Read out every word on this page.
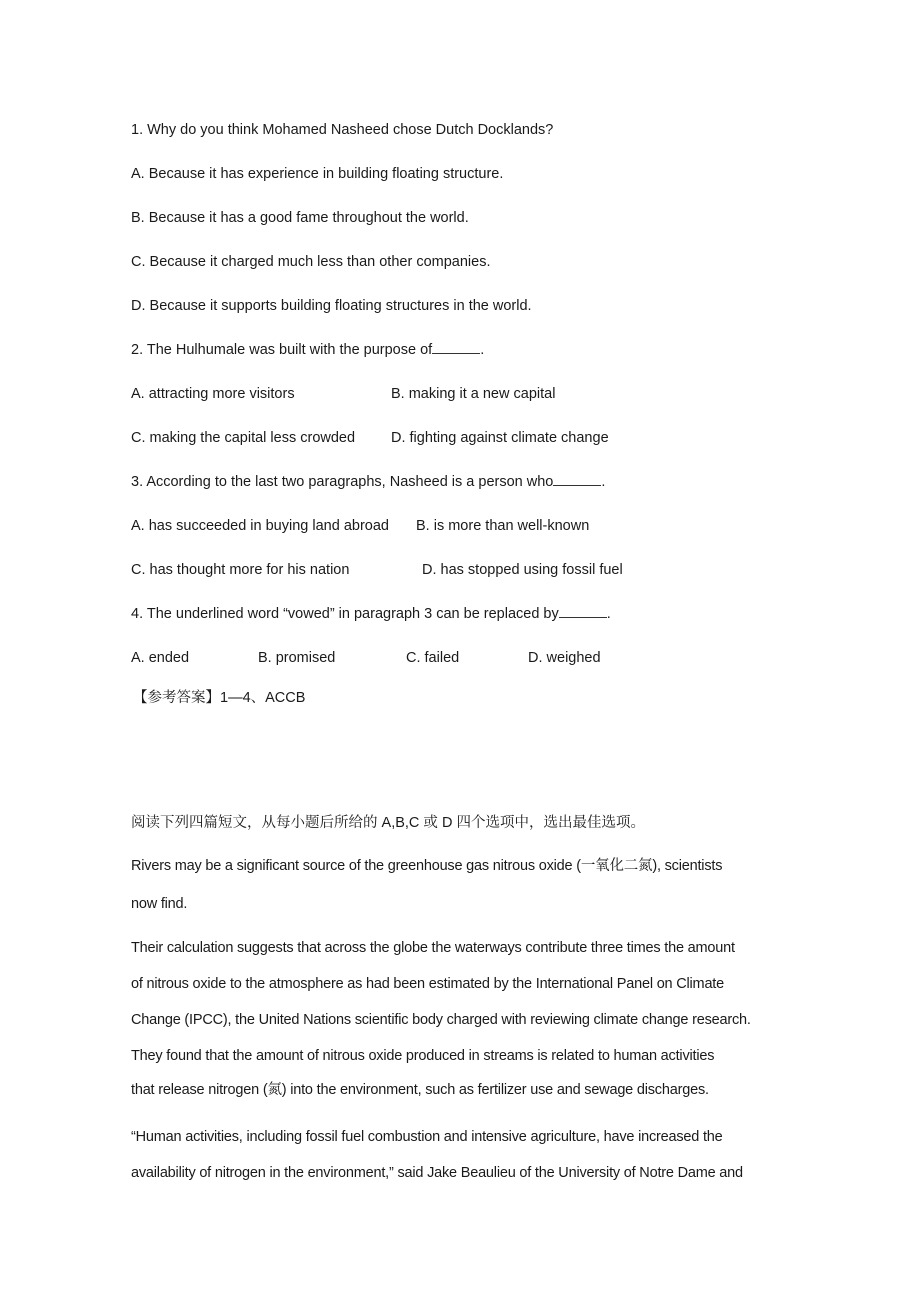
1. Why do you think Mohamed Nasheed chose Dutch Docklands?
A. Because it has experience in building floating structure.
B. Because it has a good fame throughout the world.
C. Because it charged much less than other companies.
D. Because it supports building floating structures in the world.
2. The Hulhumale was built with the purpose of	.
A. attracting more visitors	B. making it a new capital
C. making the capital less crowded D. fighting against climate change
3. According to the last two paragraphs, Nasheed is a person who	.
A. has succeeded in buying land abroad B. is more than well-known
C. has thought more for his nation	D. has stopped using fossil fuel
4. The underlined word “vowed” in paragraph 3 can be replaced by	.
A. ended	B. promised	C. failed	D. weighed
【参考答案】1—4、ACCB
阅读下列四篇短文，从每小题后所给的 A,B,C 或 D 四个选项中，选出最佳选项。
Rivers may be a significant source of the greenhouse gas nitrous oxide (一氧化二氮), scientists
now find.
Their calculation suggests that across the globe the waterways contribute three times the amount
of nitrous oxide to the atmosphere as had been estimated by the International Panel on Climate
Change (IPCC), the United Nations scientific body charged with reviewing climate change research.
They found that the amount of nitrous oxide produced in streams is related to human activities
that release nitrogen (氮) into the environment, such as fertilizer use and sewage discharges.
“Human activities, including fossil fuel combustion and intensive agriculture, have increased the
availability of nitrogen in the environment,” said Jake Beaulieu of the University of Notre Dame and
